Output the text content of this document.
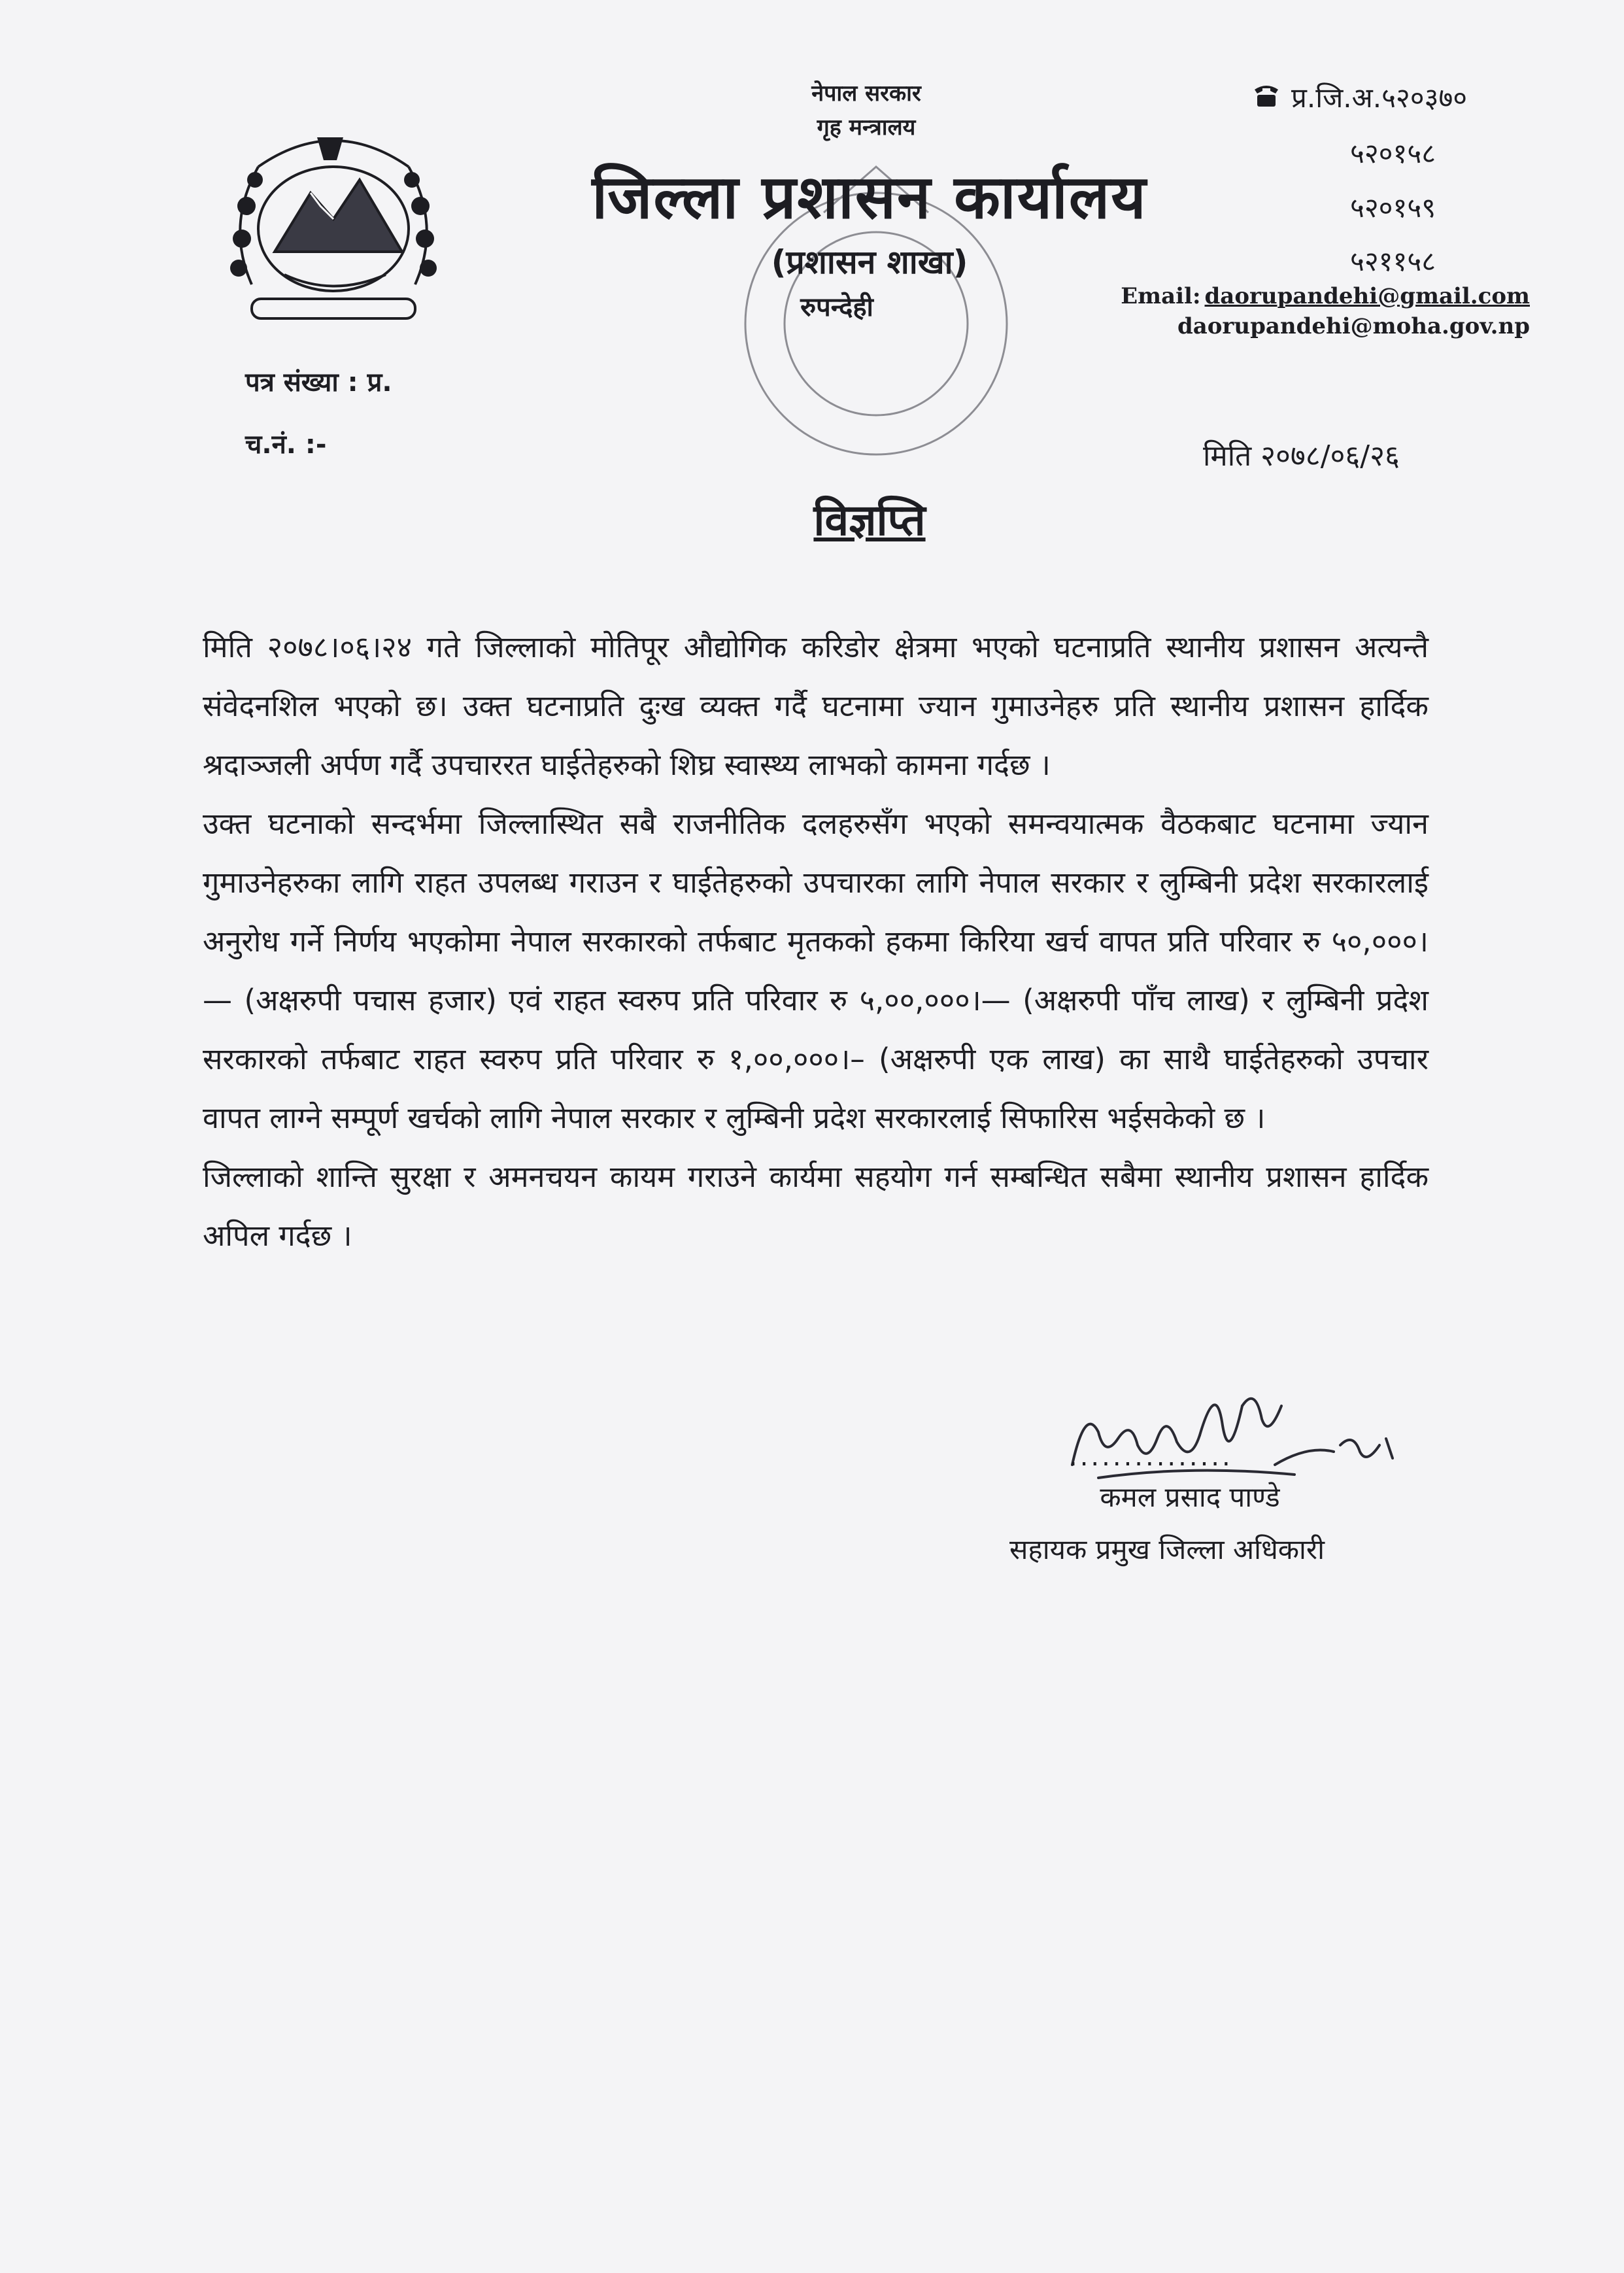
नेपाल सरकार
गृह मन्त्रालय
जिल्ला प्रशासन कार्यालय
(प्रशासन शाखा)
रुपन्देही
प्र.जि.अ.५२०३७०
५२०१५८
५२०१५९
५२११५८
Email: daorupandehi@gmail.com
daorupandehi@moha.gov.np
पत्र संख्या : प्र.
च.नं. :-	मिति २०७८/०६/२६
विज्ञप्ति

मिति २०७८।०६।२४ गते जिल्लाको मोतिपूर औद्योगिक करिडोर क्षेत्रमा भएको घटनाप्रति स्थानीय प्रशासन अत्यन्तै संवेदनशिल भएको छ। उक्त घटनाप्रति दुःख व्यक्त गर्दै घटनामा ज्यान गुमाउनेहरु प्रति स्थानीय प्रशासन हार्दिक श्रदाञ्जली अर्पण गर्दै उपचाररत घाईतेहरुको शिघ्र स्वास्थ्य लाभको कामना गर्दछ ।

उक्त घटनाको सन्दर्भमा जिल्लास्थित सबै राजनीतिक दलहरुसँग भएको समन्वयात्मक वैठकबाट घटनामा ज्यान गुमाउनेहरुका लागि राहत उपलब्ध गराउन र घाईतेहरुको उपचारका लागि नेपाल सरकार र लुम्बिनी प्रदेश सरकारलाई अनुरोध गर्ने निर्णय भएकोमा नेपाल सरकारको तर्फबाट मृतकको हकमा किरिया खर्च वापत प्रति परिवार रु ५०,०००।— (अक्षरुपी पचास हजार) एवं राहत स्वरुप प्रति परिवार रु ५,००,०००।— (अक्षरुपी पाँच लाख) र लुम्बिनी प्रदेश सरकारको तर्फबाट राहत स्वरुप प्रति परिवार रु १,००,०००।– (अक्षरुपी एक लाख) का साथै घाईतेहरुको उपचार वापत लाग्ने सम्पूर्ण खर्चको लागि नेपाल सरकार र लुम्बिनी प्रदेश सरकारलाई सिफारिस भईसकेको छ ।

जिल्लाको शान्ति सुरक्षा र अमनचयन कायम गराउने कार्यमा सहयोग गर्न सम्बन्धित सबैमा स्थानीय प्रशासन हार्दिक अपिल गर्दछ ।

...............
कमल प्रसाद पाण्डे
सहायक प्रमुख जिल्ला अधिकारी
